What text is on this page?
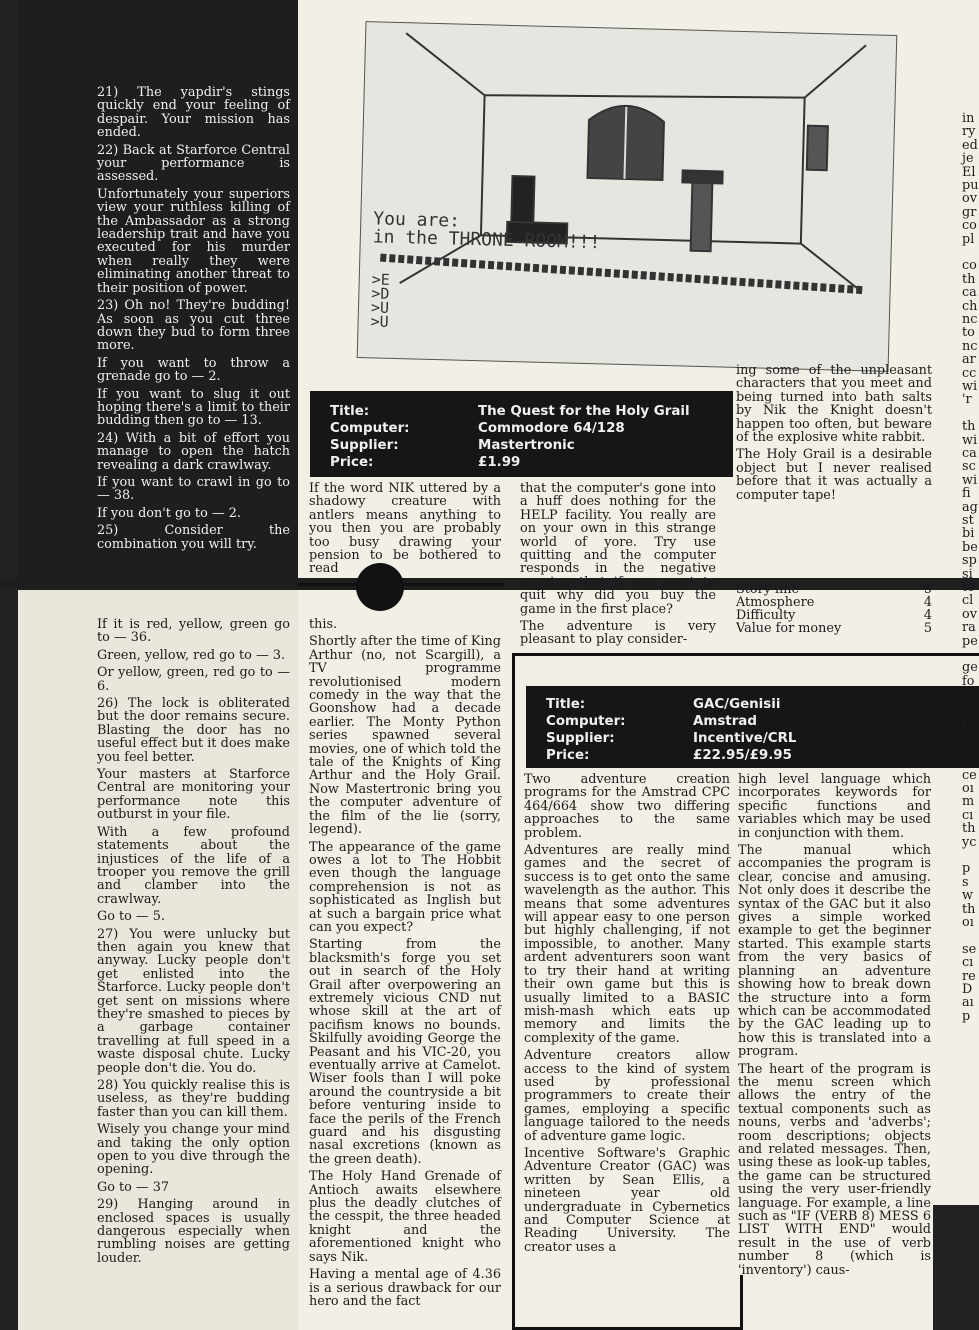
21) The yapdir's stings quickly end your feeling of despair. Your mission has ended.

22) Back at Starforce Central your performance is assessed.

Unfortunately your superiors view your ruthless killing of the Ambassador as a strong leadership trait and have you executed for his murder when really they were eliminating another threat to their position of power.

23) Oh no! They're budding! As soon as you cut three down they bud to form three more.

If you want to throw a grenade go to — 2.

If you want to slug it out hoping there's a limit to their budding then go to — 13.

24) With a bit of effort you manage to open the hatch revealing a dark crawlway.

If you want to crawl in go to — 38.

If you don't go to — 2.

25) Consider the combination you will try.

If it is red, yellow, green go to — 36.

Green, yellow, red go to — 3.

Or yellow, green, red go to — 6.

26) The lock is obliterated but the door remains secure. Blasting the door has no useful effect but it does make you feel better.

Your masters at Starforce Central are monitoring your performance note this outburst in your file.

With a few profound statements about the injustices of the life of a trooper you remove the grill and clamber into the crawlway.

Go to — 5.

27) You were unlucky but then again you knew that anyway. Lucky people don't get enlisted into the Starforce. Lucky people don't get sent on missions where they're smashed to pieces by a garbage container travelling at full speed in a waste disposal chute. Lucky people don't die. You do.

28) You quickly realise this is useless, as they're budding faster than you can kill them.

Wisely you change your mind and taking the only option open to you dive through the opening.

Go to — 37

29) Hanging around in enclosed spaces is usually dangerous especially when rumbling noises are getting louder.

You are:
in the THRONE ROOM!!!
>E
>D
>U
>U
Title:	The Quest for the Holy Grail
Computer:	Commodore 64/128
Supplier:	Mastertronic
Price:	£1.99

If the word NIK uttered by a shadowy creature with antlers means anything to you then you are probably too busy drawing your pension to be bothered to read

this.

Shortly after the time of King Arthur (no, not Scargill), a TV programme revolutionised modern comedy in the way that the Goonshow had a decade earlier. The Monty Python series spawned several movies, one of which told the tale of the Knights of King Arthur and the Holy Grail. Now Mastertronic bring you the computer adventure of the film of the lie (sorry, legend).

The appearance of the game owes a lot to The Hobbit even though the language comprehension is not as sophisticated as Inglish but at such a bargain price what can you expect?

Starting from the blacksmith's forge you set out in search of the Holy Grail after overpowering an extremely vicious CND nut whose skill at the art of pacifism knows no bounds. Skilfully avoiding George the Peasant and his VIC-20, you eventually arrive at Camelot. Wiser fools than I will poke around the countryside a bit before venturing inside to face the perils of the French guard and his disgusting nasal excretions (known as the green death).

The Holy Hand Grenade of Antioch awaits elsewhere plus the deadly clutches of the cesspit, the three headed knight and the aforementioned knight who says Nik.

Having a mental age of 4.36 is a serious drawback for our hero and the fact

that the computer's gone into a huff does nothing for the HELP facility. You really are on your own in this strange world of yore. Try use quitting and the computer responds in the negative arguing that if you want to quit why did you buy the game in the first place?

The adventure is very pleasant to play consider-

ing some of the unpleasant characters that you meet and being turned into bath salts by Nik the Knight doesn't happen too often, but beware of the explosive white rabbit.

The Holy Grail is a desirable object but I never realised before that it was actually a computer tape!

Story line	5
Atmosphere	4
Difficulty	4
Value for money	5
Title:	GAC/Genisii
Computer:	Amstrad
Supplier:	Incentive/CRL
Price:	£22.95/£9.95

Two adventure creation programs for the Amstrad CPC 464/664 show two differing approaches to the same problem.

Adventures are really mind games and the secret of success is to get onto the same wavelength as the author. This means that some adventures will appear easy to one person but highly challenging, if not impossible, to another. Many ardent adventurers soon want to try their hand at writing their own game but this is usually limited to a BASIC mish-mash which eats up memory and limits the complexity of the game.

Adventure creators allow access to the kind of system used by professional programmers to create their games, employing a specific language tailored to the needs of adventure game logic.

Incentive Software's Graphic Adventure Creator (GAC) was written by Sean Ellis, a nineteen year old undergraduate in Cybernetics and Computer Science at Reading University. The creator uses a

high level language which incorporates keywords for specific functions and variables which may be used in conjunction with them.

The manual which accompanies the program is clear, concise and amusing. Not only does it describe the syntax of the GAC but it also gives a simple worked example to get the beginner started. This example starts from the very basics of planning an adventure showing how to break down the structure into a form which can be accommodated by the GAC leading up to how this is translated into a program.

The heart of the program is the menu screen which allows the entry of the textual components such as nouns, verbs and 'adverbs'; room descriptions; objects and related messages. Then, using these as look-up tables, the game can be structured using the very user-friendly language. For example, a line such as "IF (VERB 8) MESS 6 LIST WITH END" would result in the use of verb number 8 (which is 'inventory') caus-

in
ry
ed
je
El
pu
ov
gr
co
pl
co
th
ca
ch
nc
to
nc
ar
cc
wi
'r
th
wi
ca
sc
wi
fi
ag
st
bi
be
sp
si
to
cl
ov
ra
pe
ge
fo
pl
sa
pi
m
pa
cı
ce
oı
m
cı
th
yc
p
s
w
th
oı
se
cı
re
D
aı
p
